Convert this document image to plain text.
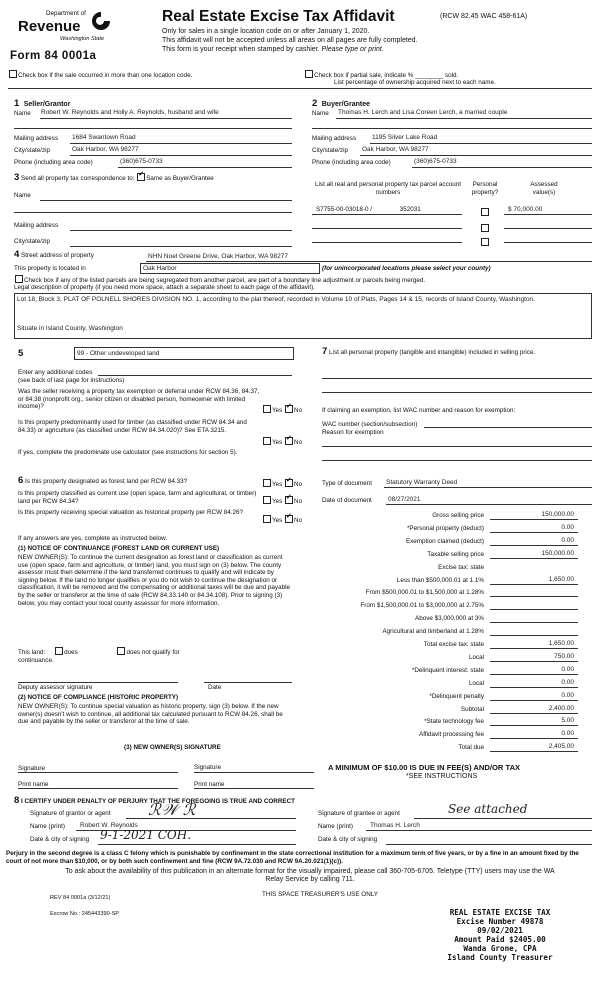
Department of
Revenue
Washington State
Form 84 0001a
Real Estate Excise Tax Affidavit	(RCW 82.45 WAC 458-61A)
Only for sales in a single location code on or after January 1, 2020.
This affidavit will not be accepted unless all areas on all pages are fully completed.
This form is your receipt when stamped by cashier. Please type or print.
Check box if the sale occurred in more than one location code.	Check box if partial sale, indicate % ________ sold.
List percentage of ownership acquired next to each name.
1 Seller/Grantor
Name Robert W. Reynolds and Holly A. Reynolds, husband and wife
Mailing address 1684 Swantown Road
City/state/zip	Oak Harbor, WA 98277
Phone (including area code)	(360)675-0733
2 Buyer/Grantee
Name Thomas H. Lerch and Lisa Coreen Lerch, a married couple
Mailing address 1195 Silver Lake Road
City/state/zip Oak Harbor, WA 98277
Phone (including area code)	(360)675-0733
3 Send all property tax correspondence to: ✓ Same as Buyer/Grantee
Name
Mailing address
City/state/zip
List all real and personal property tax parcel account numbers
Personal property?
Assessed value(s)
S7755-00-03018-0 /	352031	$ 70,000.00
4 Street address of property	NHN Noel Greene Drive, Oak Harbor, WA 98277
This property is located in	Oak Harbor	(for unincorporated locations please select your county)
Check box if any of the listed parcels are being segregated from another parcel, are part of a boundary line adjustment or parcels being merged.
Legal description of property (if you need more space, attach a separate sheet to each page of the affidavit).
Lot 18, Block 3, PLAT OF POLNELL SHORES DIVISION NO. 1, according to the plat thereof, recorded in Volume 10 of Plats, Pages 14 & 15, records of Island County, Washington.
Situate in Island County, Washington
5	99 - Other undeveloped land
Enter any additional codes
(see back of last page for instructions)
Was the seller receiving a property tax exemption or deferral under RCW 84.36, 84.37, or 84.38 (nonprofit org., senior citizen or disabled person, homeowner with limited income)?
Yes ✓ No
Is this property predominantly used for timber (as classified under RCW 84.34 and 84.33) or agriculture (as classified under RCW 84.34.020)? See ETA 3215.
Yes ✓ No
If yes, complete the predominate use calculator (see instructions for section 5).
7 List all personal property (tangible and intangible) included in selling price.
If claiming an exemption, list WAC number and reason for exemption:
WAC number (section/subsection)
Reason for exemption
6 Is this property designated as forest land per RCW 84.33?	Yes ✓ No
Is this property classified as current use (open space, farm and agricultural, or timber) land per RCW 84.34?	Yes ✓ No
Is this property receiving special valuation as historical property per RCW 84.26?
Yes ✓ No
If any answers are yes, complete as instructed below.
(1) NOTICE OF CONTINUANCE (FOREST LAND OR CURRENT USE)
NEW OWNER(S): To continue the current designation as forest land or classification as current use (open space, farm and agriculture, or timber) land, you must sign on (3) below. The county assessor must then determine if the land transferred continues to qualify and will indicate by signing below. If the land no longer qualifies or you do not wish to continue the designation or classification, it will be removed and the compensating or additional taxes will be due and payable by the seller or transferor at the time of sale (RCW 84.33.140 or 84.34.108). Prior to signing (3) below, you may contact your local county assessor for more information.
This land:	does	does not qualify for
continuance.
Deputy assessor signature	Date
(2) NOTICE OF COMPLIANCE (HISTORIC PROPERTY)
NEW OWNER(S): To continue special valuation as historic property, sign (3) below. If the new owner(s) doesn't wish to continue, all additional tax calculated pursuant to RCW 84.26, shall be due and payable by the seller or transferor at the time of sale.
(3) NEW OWNER(S) SIGNATURE
Signature	Signature
Print name	Print name
Type of document Statutory Warranty Deed
Date of document	08/27/2021
Gross selling price	150,000.00
*Personal property (deduct)	0.00
Exemption claimed (deduct)	0.00
Taxable selling price	150,000.00
Excise tax: state
Less than $500,000.01 at 1.1%	1,650.00
From $500,000.01 to $1,500,000 at 1.28%
From $1,500,000.01 to $3,000,000 at 2.75%
Above $3,000,000 at 3%
Agricultural and timberland at 1.28%
Total excise tax: state	1,650.00
Local	750.00
*Delinquent interest: state	0.00
Local	0.00
*Delinquent penalty	0.00
Subtotal	2,400.00
*State technology fee	5.00
Affidavit processing fee	0.00
Total due	2,405.00
A MINIMUM OF $10.00 IS DUE IN FEE(S) AND/OR TAX
*SEE INSTRUCTIONS
8 I CERTIFY UNDER PENALTY OF PERJURY THAT THE FOREGOING IS TRUE AND CORRECT
Signature of grantor or agent ℛ𝒲 ℛ
Name (print) Robert W. Reynolds
Date & city of signing 9-1-2021 COH.
Signature of grantee or agent	See attached
Name (print)	Thomas H. Lerch
Date & city of signing
Perjury in the second degree is a class C felony which is punishable by confinement in the state correctional institution for a maximum term of five years, or by a fine in an amount fixed by the court of not more than $10,000, or by both such confinement and fine (RCW 9A.72.030 and RCW 9A.20.021(1)(c)).
To ask about the availability of this publication in an alternate format for the visually impaired, please call 360-705-6705. Teletype (TTY) users may use the WA Relay Service by calling 711.
REV 84 0001a (3/12/21)	THIS SPACE TREASURER'S USE ONLY
Escrow No.: 245443390-SP	REAL ESTATE EXCISE TAX
Excise Number 49878
09/02/2021
Amount Paid $2405.00
Wanda Grone, CPA
Island County Treasurer
